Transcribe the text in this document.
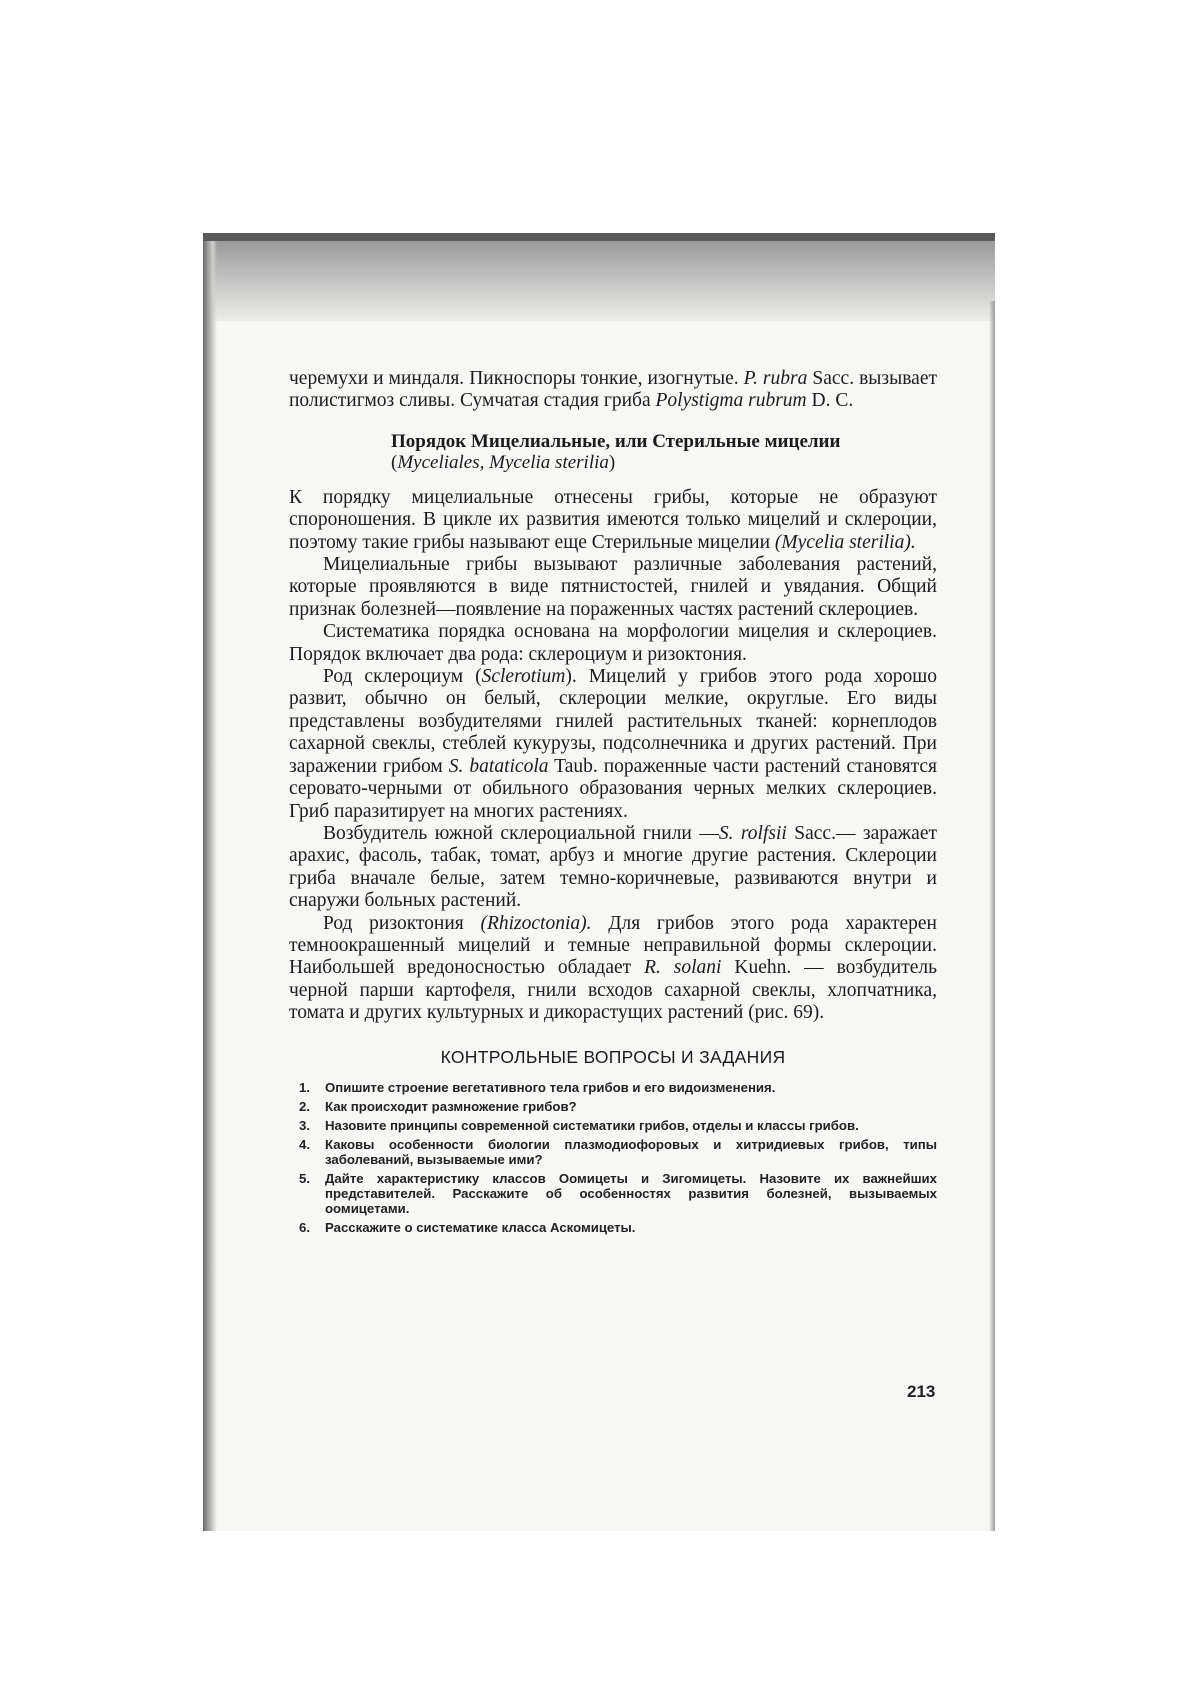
черемухи и миндаля. Пикноспоры тонкие, изогнутые. P. rubra Sacc. вызывает полистигмоз сливы. Сумчатая стадия гриба Polystigma rubrum D. C.

Порядок Мицелиальные, или Стерильные мицелии
(Myceliales, Mycelia sterilia)

К порядку мицелиальные отнесены грибы, которые не образуют спороношения. В цикле их развития имеются только мицелий и склероции, поэтому такие грибы называют еще Стерильные мицелии (Mycelia sterilia).

Мицелиальные грибы вызывают различные заболевания растений, которые проявляются в виде пятнистостей, гнилей и увядания. Общий признак болезней—появление на пораженных частях растений склероциев.

Систематика порядка основана на морфологии мицелия и склероциев. Порядок включает два рода: склероциум и ризоктония.

Род склероциум (Sclerotium). Мицелий у грибов этого рода хорошо развит, обычно он белый, склероции мелкие, округлые. Его виды представлены возбудителями гнилей растительных тканей: корнеплодов сахарной свеклы, стеблей кукурузы, подсолнечника и других растений. При заражении грибом S. bataticola Taub. пораженные части растений становятся серовато-черными от обильного образования черных мелких склероциев. Гриб паразитирует на многих растениях.

Возбудитель южной склероциальной гнили —S. rolfsii Sacc.— заражает арахис, фасоль, табак, томат, арбуз и многие другие растения. Склероции гриба вначале белые, затем темно-коричневые, развиваются внутри и снаружи больных растений.

Род ризоктония (Rhizoctonia). Для грибов этого рода характерен темноокрашенный мицелий и темные неправильной формы склероции. Наибольшей вредоносностью обладает R. solani Kuehn. — возбудитель черной парши картофеля, гнили всходов сахарной свеклы, хлопчатника, томата и других культурных и дикорастущих растений (рис. 69).

КОНТРОЛЬНЫЕ ВОПРОСЫ И ЗАДАНИЯ
1. Опишите строение вегетативного тела грибов и его видоизменения.
2. Как происходит размножение грибов?
3. Назовите принципы современной систематики грибов, отделы и классы грибов.
4. Каковы особенности биологии плазмодиофоровых и хитридиевых грибов, типы заболеваний, вызываемые ими?
5. Дайте характеристику классов Оомицеты и Зигомицеты. Назовите их важнейших представителей. Расскажите об особенностях развития болезней, вызываемых оомицетами.
6. Расскажите о систематике класса Аскомицеты.
213
